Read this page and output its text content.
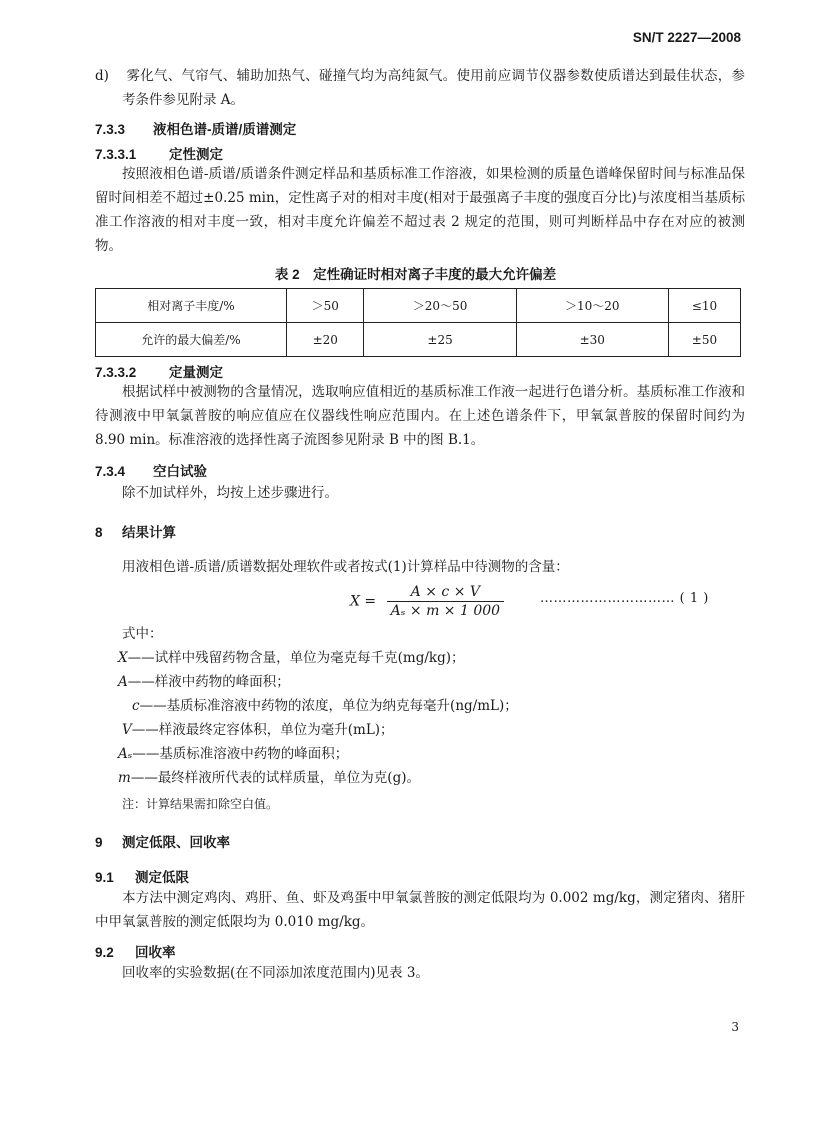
SN/T 2227—2008
d) 雾化气、气帘气、辅助加热气、碰撞气均为高纯氮气。使用前应调节仪器参数使质谱达到最佳状态，参考条件参见附录 A。
7.3.3 液相色谱-质谱/质谱测定
7.3.3.1 定性测定
按照液相色谱-质谱/质谱条件测定样品和基质标准工作溶液，如果检测的质量色谱峰保留时间与标准品保留时间相差不超过±0.25 min，定性离子对的相对丰度(相对于最强离子丰度的强度百分比)与浓度相当基质标准工作溶液的相对丰度一致，相对丰度允许偏差不超过表 2 规定的范围，则可判断样品中存在对应的被测物。
表 2　定性确证时相对离子丰度的最大允许偏差
相对离子丰度/%	＞50	＞20～50	＞10～20	≤10
允许的最大偏差/%	±20	±25	±30	±50
7.3.3.2 定量测定
根据试样中被测物的含量情况，选取响应值相近的基质标准工作液一起进行色谱分析。基质标准工作液和待测液中甲氧氯普胺的响应值应在仪器线性响应范围内。在上述色谱条件下，甲氧氯普胺的保留时间约为 8.90 min。标准溶液的选择性离子流图参见附录 B 中的图 B.1。
7.3.4 空白试验
除不加试样外，均按上述步骤进行。
8 结果计算
用液相色谱-质谱/质谱数据处理软件或者按式(1)计算样品中待测物的含量：
$X = \frac{A \times c \times V}{\text{Aₛ × m × 1 000}}$	………………………… ( 1 )
式中：
X——试样中残留药物含量，单位为毫克每千克(mg/kg)；
A——样液中药物的峰面积；
c——基质标准溶液中药物的浓度，单位为纳克每毫升(ng/mL)；
V——样液最终定容体积，单位为毫升(mL)；
Aₛ——基质标准溶液中药物的峰面积；
m——最终样液所代表的试样质量，单位为克(g)。
注：计算结果需扣除空白值。
9 测定低限、回收率
9.1 测定低限
本方法中测定鸡肉、鸡肝、鱼、虾及鸡蛋中甲氧氯普胺的测定低限均为 0.002 mg/kg，测定猪肉、猪肝中甲氧氯普胺的测定低限均为 0.010 mg/kg。
9.2 回收率
回收率的实验数据(在不同添加浓度范围内)见表 3。
3
